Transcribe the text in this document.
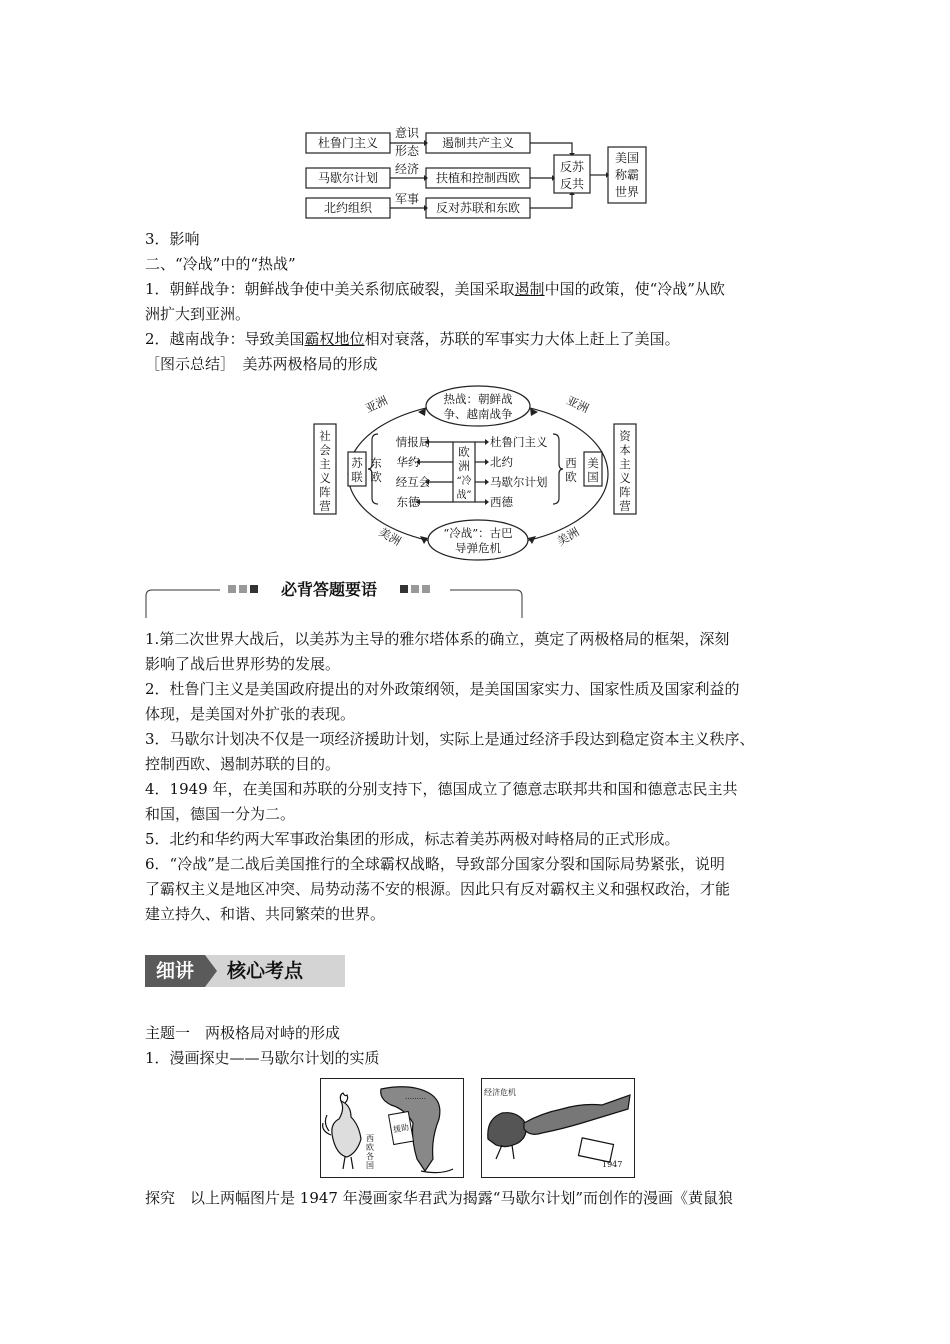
杜鲁门主义
马歇尔计划
北约组织
意识
形态
经济
军事
遏制共产主义
扶植和控制西欧
反对苏联和东欧
反苏
反共
美国
称霸
世界
3．影响
二、“冷战”中的“热战”
1．朝鲜战争：朝鲜战争使中美关系彻底破裂，美国采取遏制中国的政策，使“冷战”从欧
洲扩大到亚洲。
2．越南战争：导致美国霸权地位相对衰落，苏联的军事实力大体上赶上了美国。
［图示总结］　美苏两极格局的形成
社
会
主
义
阵
营
资
本
主
义
阵
营
热战：朝鲜战
争、越南战争
“冷战”：古巴
导弹危机
亚洲	亚洲
美洲	美洲
苏
联
东
欧
美
国
西
欧
情报局
华约
经互会
东德
欧
洲
“冷
战”
杜鲁门主义
北约
马歇尔计划
西德
必背答题要语
1.第二次世界大战后，以美苏为主导的雅尔塔体系的确立，奠定了两极格局的框架，深刻
影响了战后世界形势的发展。
2．杜鲁门主义是美国政府提出的对外政策纲领，是美国国家实力、国家性质及国家利益的
体现，是美国对外扩张的表现。
3．马歇尔计划决不仅是一项经济援助计划，实际上是通过经济手段达到稳定资本主义秩序、
控制西欧、遏制苏联的目的。
4．1949 年，在美国和苏联的分别支持下，德国成立了德意志联邦共和国和德意志民主共
和国，德国一分为二。
5．北约和华约两大军事政治集团的形成，标志着美苏两极对峙格局的正式形成。
6．“冷战”是二战后美国推行的全球霸权战略，导致部分国家分裂和国际局势紧张，说明
了霸权主义是地区冲突、局势动荡不安的根源。因此只有反对霸权主义和强权政治，才能
建立持久、和谐、共同繁荣的世界。
细讲	核心考点
主题一　两极格局对峙的形成
1．漫画探史——马歇尔计划的实质
………
援助
西
欧
各
国
经济危机
1947
探究　以上两幅图片是 1947 年漫画家华君武为揭露“马歇尔计划”而创作的漫画《黄鼠狼
